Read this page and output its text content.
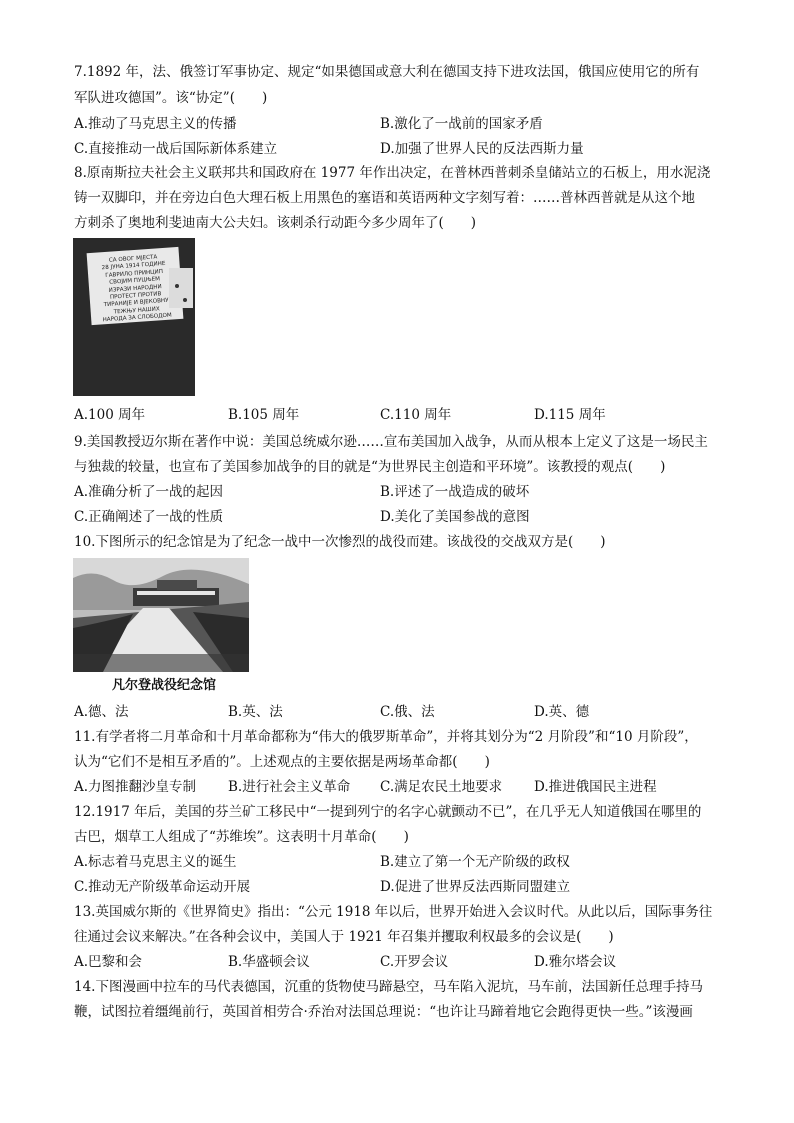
7.1892 年，法、俄签订军事协定、规定“如果德国或意大利在德国支持下进攻法国，俄国应使用它的所有
军队进攻德国”。该“协定”(　　)
A.推动了马克思主义的传播	B.激化了一战前的国家矛盾
C.直接推动一战后国际新体系建立	D.加强了世界人民的反法西斯力量
8.原南斯拉夫社会主义联邦共和国政府在 1977 年作出决定，在普林西普刺杀皇储站立的石板上，用水泥浇
铸一双脚印，并在旁边白色大理石板上用黑色的塞语和英语两种文字刻写着：……普林西普就是从这个地
方刺杀了奥地利斐迪南大公夫妇。该刺杀行动距今多少周年了(　　)
СА ОВОГ МЈЕСТА
28 ЈУНА 1914 ГОДИНЕ
ГАВРИЛО ПРИНЦИП
СВОЈИМ ПУЦЊЕМ
ИЗРАЗИ НАРОДНИ
ПРОТЕСТ ПРОТИВ
ТИРАНИЈЕ И ВЈЕКОВНУ
ТЕЖЊУ НАШИХ
НАРОДА ЗА СЛОБОДОМ
A.100 周年	B.105 周年	C.110 周年	D.115 周年
9.美国教授迈尔斯在著作中说：美国总统威尔逊……宣布美国加入战争，从而从根本上定义了这是一场民主
与独裁的较量，也宣布了美国参加战争的目的就是“为世界民主创造和平环境”。该教授的观点(　　)
A.准确分析了一战的起因	B.评述了一战造成的破坏
C.正确阐述了一战的性质	D.美化了美国参战的意图
10.下图所示的纪念馆是为了纪念一战中一次惨烈的战役而建。该战役的交战双方是(　　)
凡尔登战役纪念馆
A.德、法	B.英、法	C.俄、法	D.英、德
11.有学者将二月革命和十月革命都称为“伟大的俄罗斯革命”，并将其划分为“2 月阶段”和“10 月阶段”，
认为“它们不是相互矛盾的”。上述观点的主要依据是两场革命都(　　)
A.力图推翻沙皇专制 B.进行社会主义革命 C.满足农民土地要求 D.推进俄国民主进程
12.1917 年后，美国的芬兰矿工移民中“一提到列宁的名字心就颤动不已”，在几乎无人知道俄国在哪里的
古巴，烟草工人组成了“苏维埃”。这表明十月革命(　　)
A.标志着马克思主义的诞生	B.建立了第一个无产阶级的政权
C.推动无产阶级革命运动开展	D.促进了世界反法西斯同盟建立
13.英国威尔斯的《世界简史》指出：“公元 1918 年以后，世界开始进入会议时代。从此以后，国际事务往
往通过会议来解决。”在各种会议中，美国人于 1921 年召集并攫取利权最多的会议是(　　)
A.巴黎和会	B.华盛顿会议	C.开罗会议	D.雅尔塔会议
14.下图漫画中拉车的马代表德国，沉重的货物使马蹄悬空，马车陷入泥坑，马车前，法国新任总理手持马
鞭，试图拉着缰绳前行，英国首相劳合·乔治对法国总理说：“也许让马蹄着地它会跑得更快一些。”该漫画
